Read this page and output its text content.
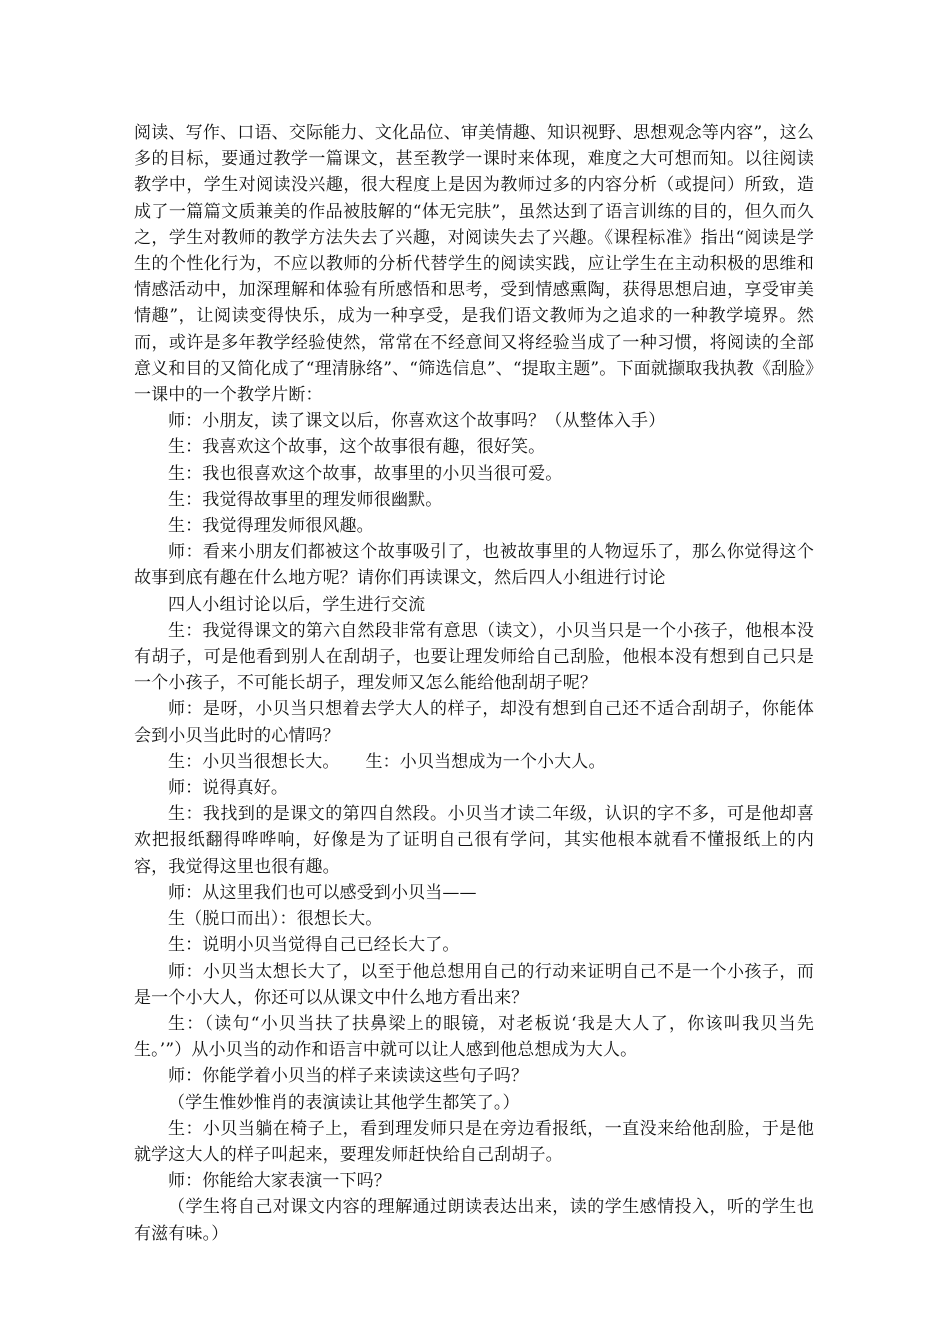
阅读、写作、口语、交际能力、文化品位、审美情趣、知识视野、思想观念等内容”，这么多的目标，要通过教学一篇课文，甚至教学一课时来体现，难度之大可想而知。以往阅读教学中，学生对阅读没兴趣，很大程度上是因为教师过多的内容分析（或提问）所致，造成了一篇篇文质兼美的作品被肢解的“体无完肤”，虽然达到了语言训练的目的，但久而久之，学生对教师的教学方法失去了兴趣，对阅读失去了兴趣。《课程标准》指出“阅读是学生的个性化行为，不应以教师的分析代替学生的阅读实践，应让学生在主动积极的思维和情感活动中，加深理解和体验有所感悟和思考，受到情感熏陶，获得思想启迪，享受审美情趣”，让阅读变得快乐，成为一种享受，是我们语文教师为之追求的一种教学境界。然而，或许是多年教学经验使然，常常在不经意间又将经验当成了一种习惯，将阅读的全部意义和目的又简化成了“理清脉络”、“筛选信息”、“提取主题”。下面就撷取我执教《刮脸》一课中的一个教学片断：

师：小朋友，读了课文以后，你喜欢这个故事吗？（从整体入手）

生：我喜欢这个故事，这个故事很有趣，很好笑。

生：我也很喜欢这个故事，故事里的小贝当很可爱。

生：我觉得故事里的理发师很幽默。

生：我觉得理发师很风趣。

师：看来小朋友们都被这个故事吸引了，也被故事里的人物逗乐了，那么你觉得这个故事到底有趣在什么地方呢？请你们再读课文，然后四人小组进行讨论

四人小组讨论以后，学生进行交流

生：我觉得课文的第六自然段非常有意思（读文），小贝当只是一个小孩子，他根本没有胡子，可是他看到别人在刮胡子，也要让理发师给自己刮脸，他根本没有想到自己只是一个小孩子，不可能长胡子，理发师又怎么能给他刮胡子呢？

师：是呀，小贝当只想着去学大人的样子，却没有想到自己还不适合刮胡子，你能体会到小贝当此时的心情吗？

生：小贝当很想长大。 生：小贝当想成为一个小大人。

师：说得真好。

生：我找到的是课文的第四自然段。小贝当才读二年级，认识的字不多，可是他却喜欢把报纸翻得哗哗响，好像是为了证明自己很有学问，其实他根本就看不懂报纸上的内容，我觉得这里也很有趣。

师：从这里我们也可以感受到小贝当——

生（脱口而出）：很想长大。

生：说明小贝当觉得自己已经长大了。

师：小贝当太想长大了，以至于他总想用自己的行动来证明自己不是一个小孩子，而是一个小大人，你还可以从课文中什么地方看出来？

生：（读句“小贝当扶了扶鼻梁上的眼镜，对老板说‘我是大人了，你该叫我贝当先生。’”）从小贝当的动作和语言中就可以让人感到他总想成为大人。

师：你能学着小贝当的样子来读读这些句子吗？

（学生惟妙惟肖的表演读让其他学生都笑了。）

生：小贝当躺在椅子上，看到理发师只是在旁边看报纸，一直没来给他刮脸，于是他就学这大人的样子叫起来，要理发师赶快给自己刮胡子。

师：你能给大家表演一下吗？

（学生将自己对课文内容的理解通过朗读表达出来，读的学生感情投入，听的学生也有滋有味。）
